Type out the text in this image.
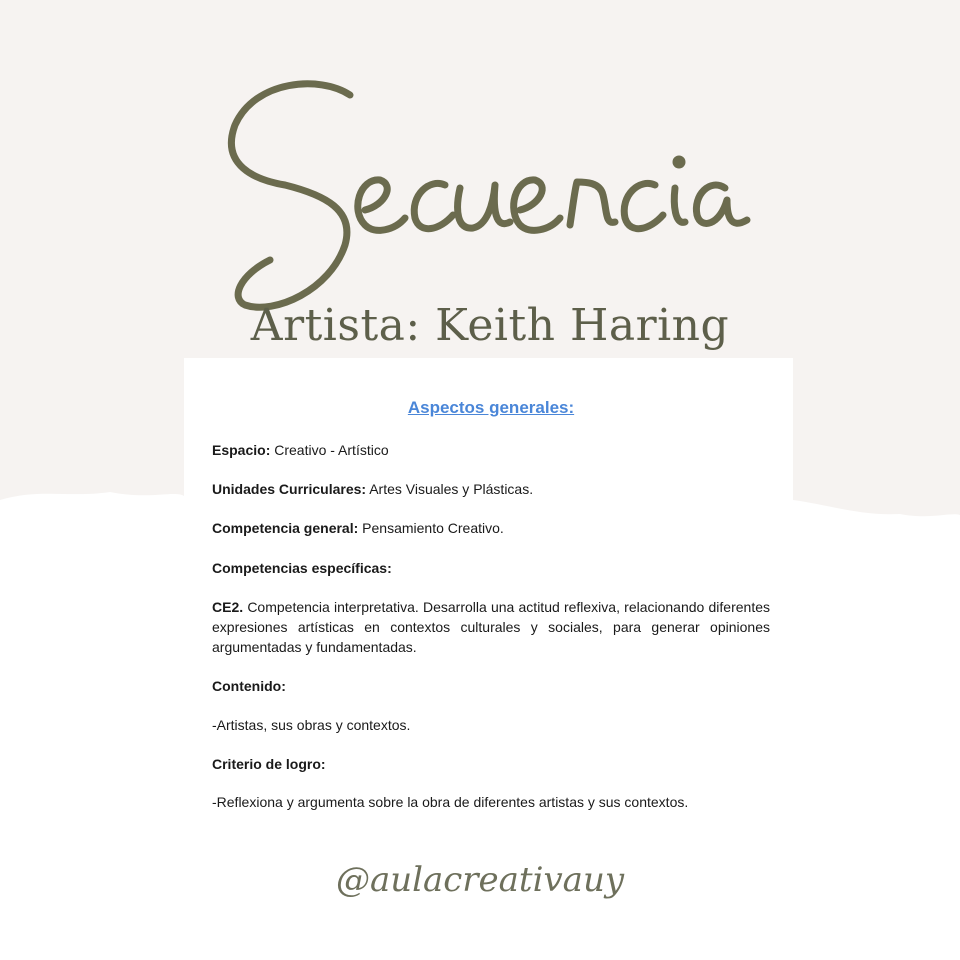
Artista: Keith Haring
Aspectos generales:
Espacio: Creativo - Artístico
Unidades Curriculares: Artes Visuales y Plásticas.
Competencia general: Pensamiento Creativo.
Competencias específicas:
CE2. Competencia interpretativa. Desarrolla una actitud reflexiva, relacionando diferentes expresiones artísticas en contextos culturales y sociales, para generar opiniones argumentadas y fundamentadas.
Contenido:
-Artistas, sus obras y contextos.
Criterio de logro:
-Reflexiona y argumenta sobre la obra de diferentes artistas y sus contextos.
@aulacreativauy
